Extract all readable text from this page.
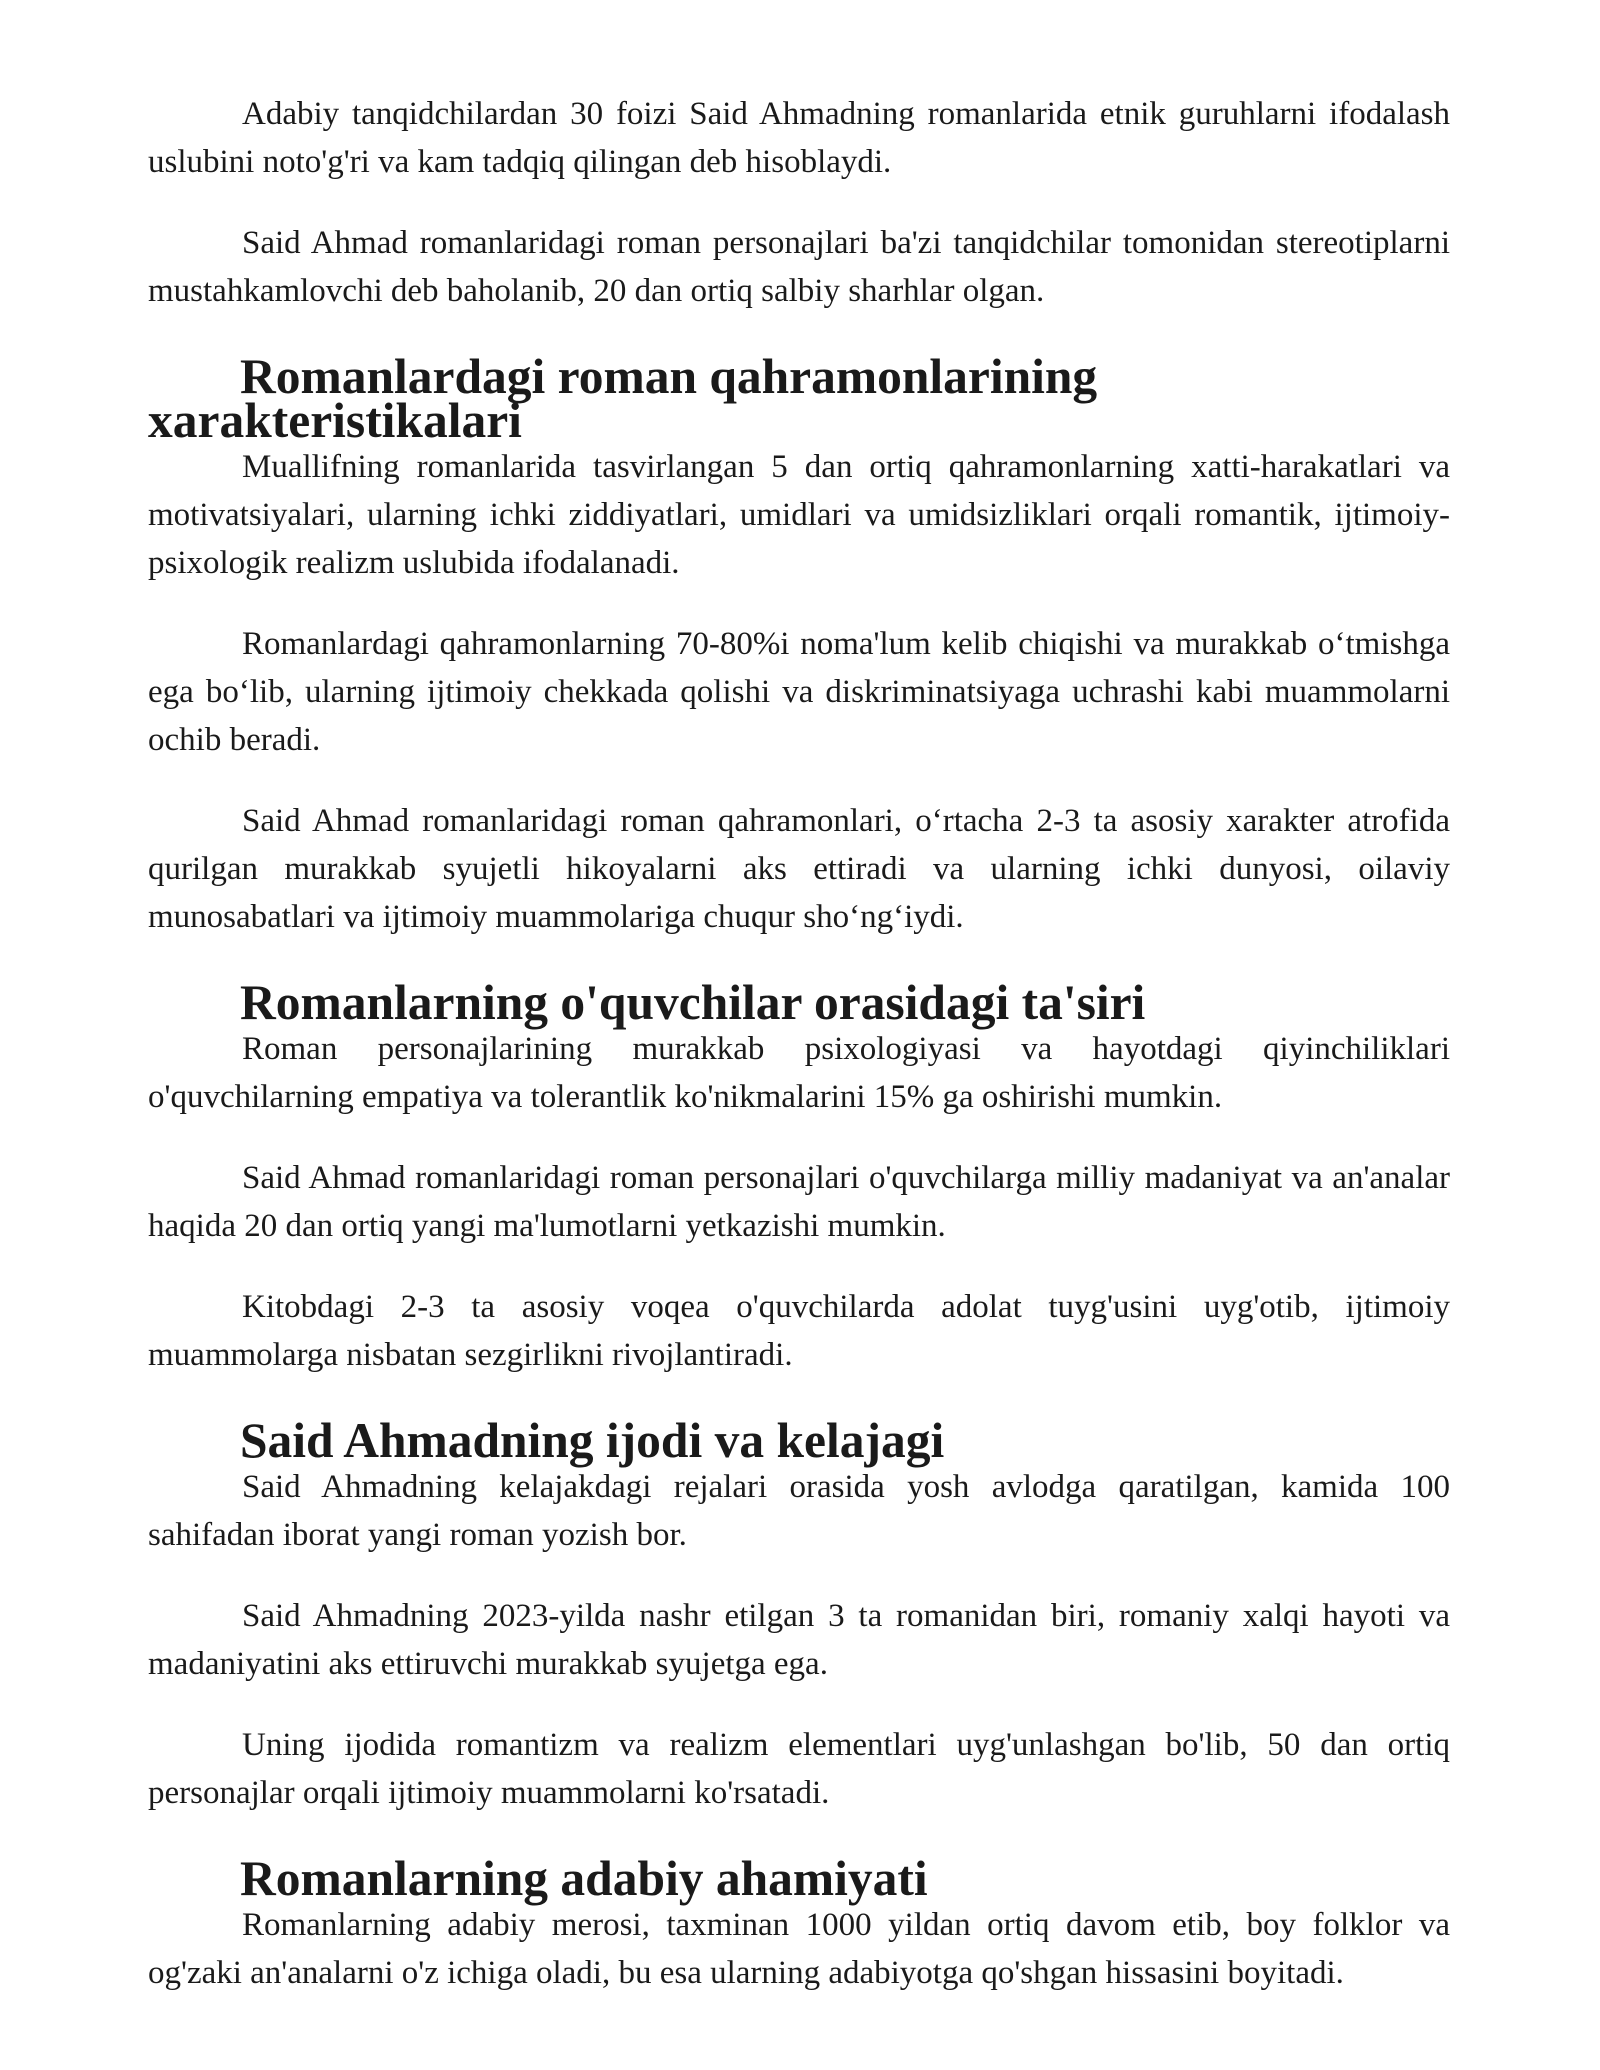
Adabiy tanqidchilardan 30 foizi Said Ahmadning romanlarida etnik guruhlarni ifodalash uslubini noto'g'ri va kam tadqiq qilingan deb hisoblaydi.

Said Ahmad romanlaridagi roman personajlari ba'zi tanqidchilar tomonidan stereotiplarni mustahkamlovchi deb baholanib, 20 dan ortiq salbiy sharhlar olgan.

Romanlardagi roman qahramonlarining xarakteristikalari

Muallifning romanlarida tasvirlangan 5 dan ortiq qahramonlarning xatti-harakatlari va motivatsiyalari, ularning ichki ziddiyatlari, umidlari va umidsizliklari orqali romantik, ijtimoiy-psixologik realizm uslubida ifodalanadi.

Romanlardagi qahramonlarning 70-80%i noma'lum kelib chiqishi va murakkab o‘tmishga ega bo‘lib, ularning ijtimoiy chekkada qolishi va diskriminatsiyaga uchrashi kabi muammolarni ochib beradi.

Said Ahmad romanlaridagi roman qahramonlari, o‘rtacha 2-3 ta asosiy xarakter atrofida qurilgan murakkab syujetli hikoyalarni aks ettiradi va ularning ichki dunyosi, oilaviy munosabatlari va ijtimoiy muammolariga chuqur sho‘ng‘iydi.

Romanlarning o'quvchilar orasidagi ta'siri

Roman personajlarining murakkab psixologiyasi va hayotdagi qiyinchiliklari o'quvchilarning empatiya va tolerantlik ko'nikmalarini 15% ga oshirishi mumkin.

Said Ahmad romanlaridagi roman personajlari o'quvchilarga milliy madaniyat va an'analar haqida 20 dan ortiq yangi ma'lumotlarni yetkazishi mumkin.

Kitobdagi 2-3 ta asosiy voqea o'quvchilarda adolat tuyg'usini uyg'otib, ijtimoiy muammolarga nisbatan sezgirlikni rivojlantiradi.

Said Ahmadning ijodi va kelajagi

Said Ahmadning kelajakdagi rejalari orasida yosh avlodga qaratilgan, kamida 100 sahifadan iborat yangi roman yozish bor.

Said Ahmadning 2023-yilda nashr etilgan 3 ta romanidan biri, romaniy xalqi hayoti va madaniyatini aks ettiruvchi murakkab syujetga ega.

Uning ijodida romantizm va realizm elementlari uyg'unlashgan bo'lib, 50 dan ortiq personajlar orqali ijtimoiy muammolarni ko'rsatadi.

Romanlarning adabiy ahamiyati

Romanlarning adabiy merosi, taxminan 1000 yildan ortiq davom etib, boy folklor va og'zaki an'analarni o'z ichiga oladi, bu esa ularning adabiyotga qo'shgan hissasini boyitadi.
